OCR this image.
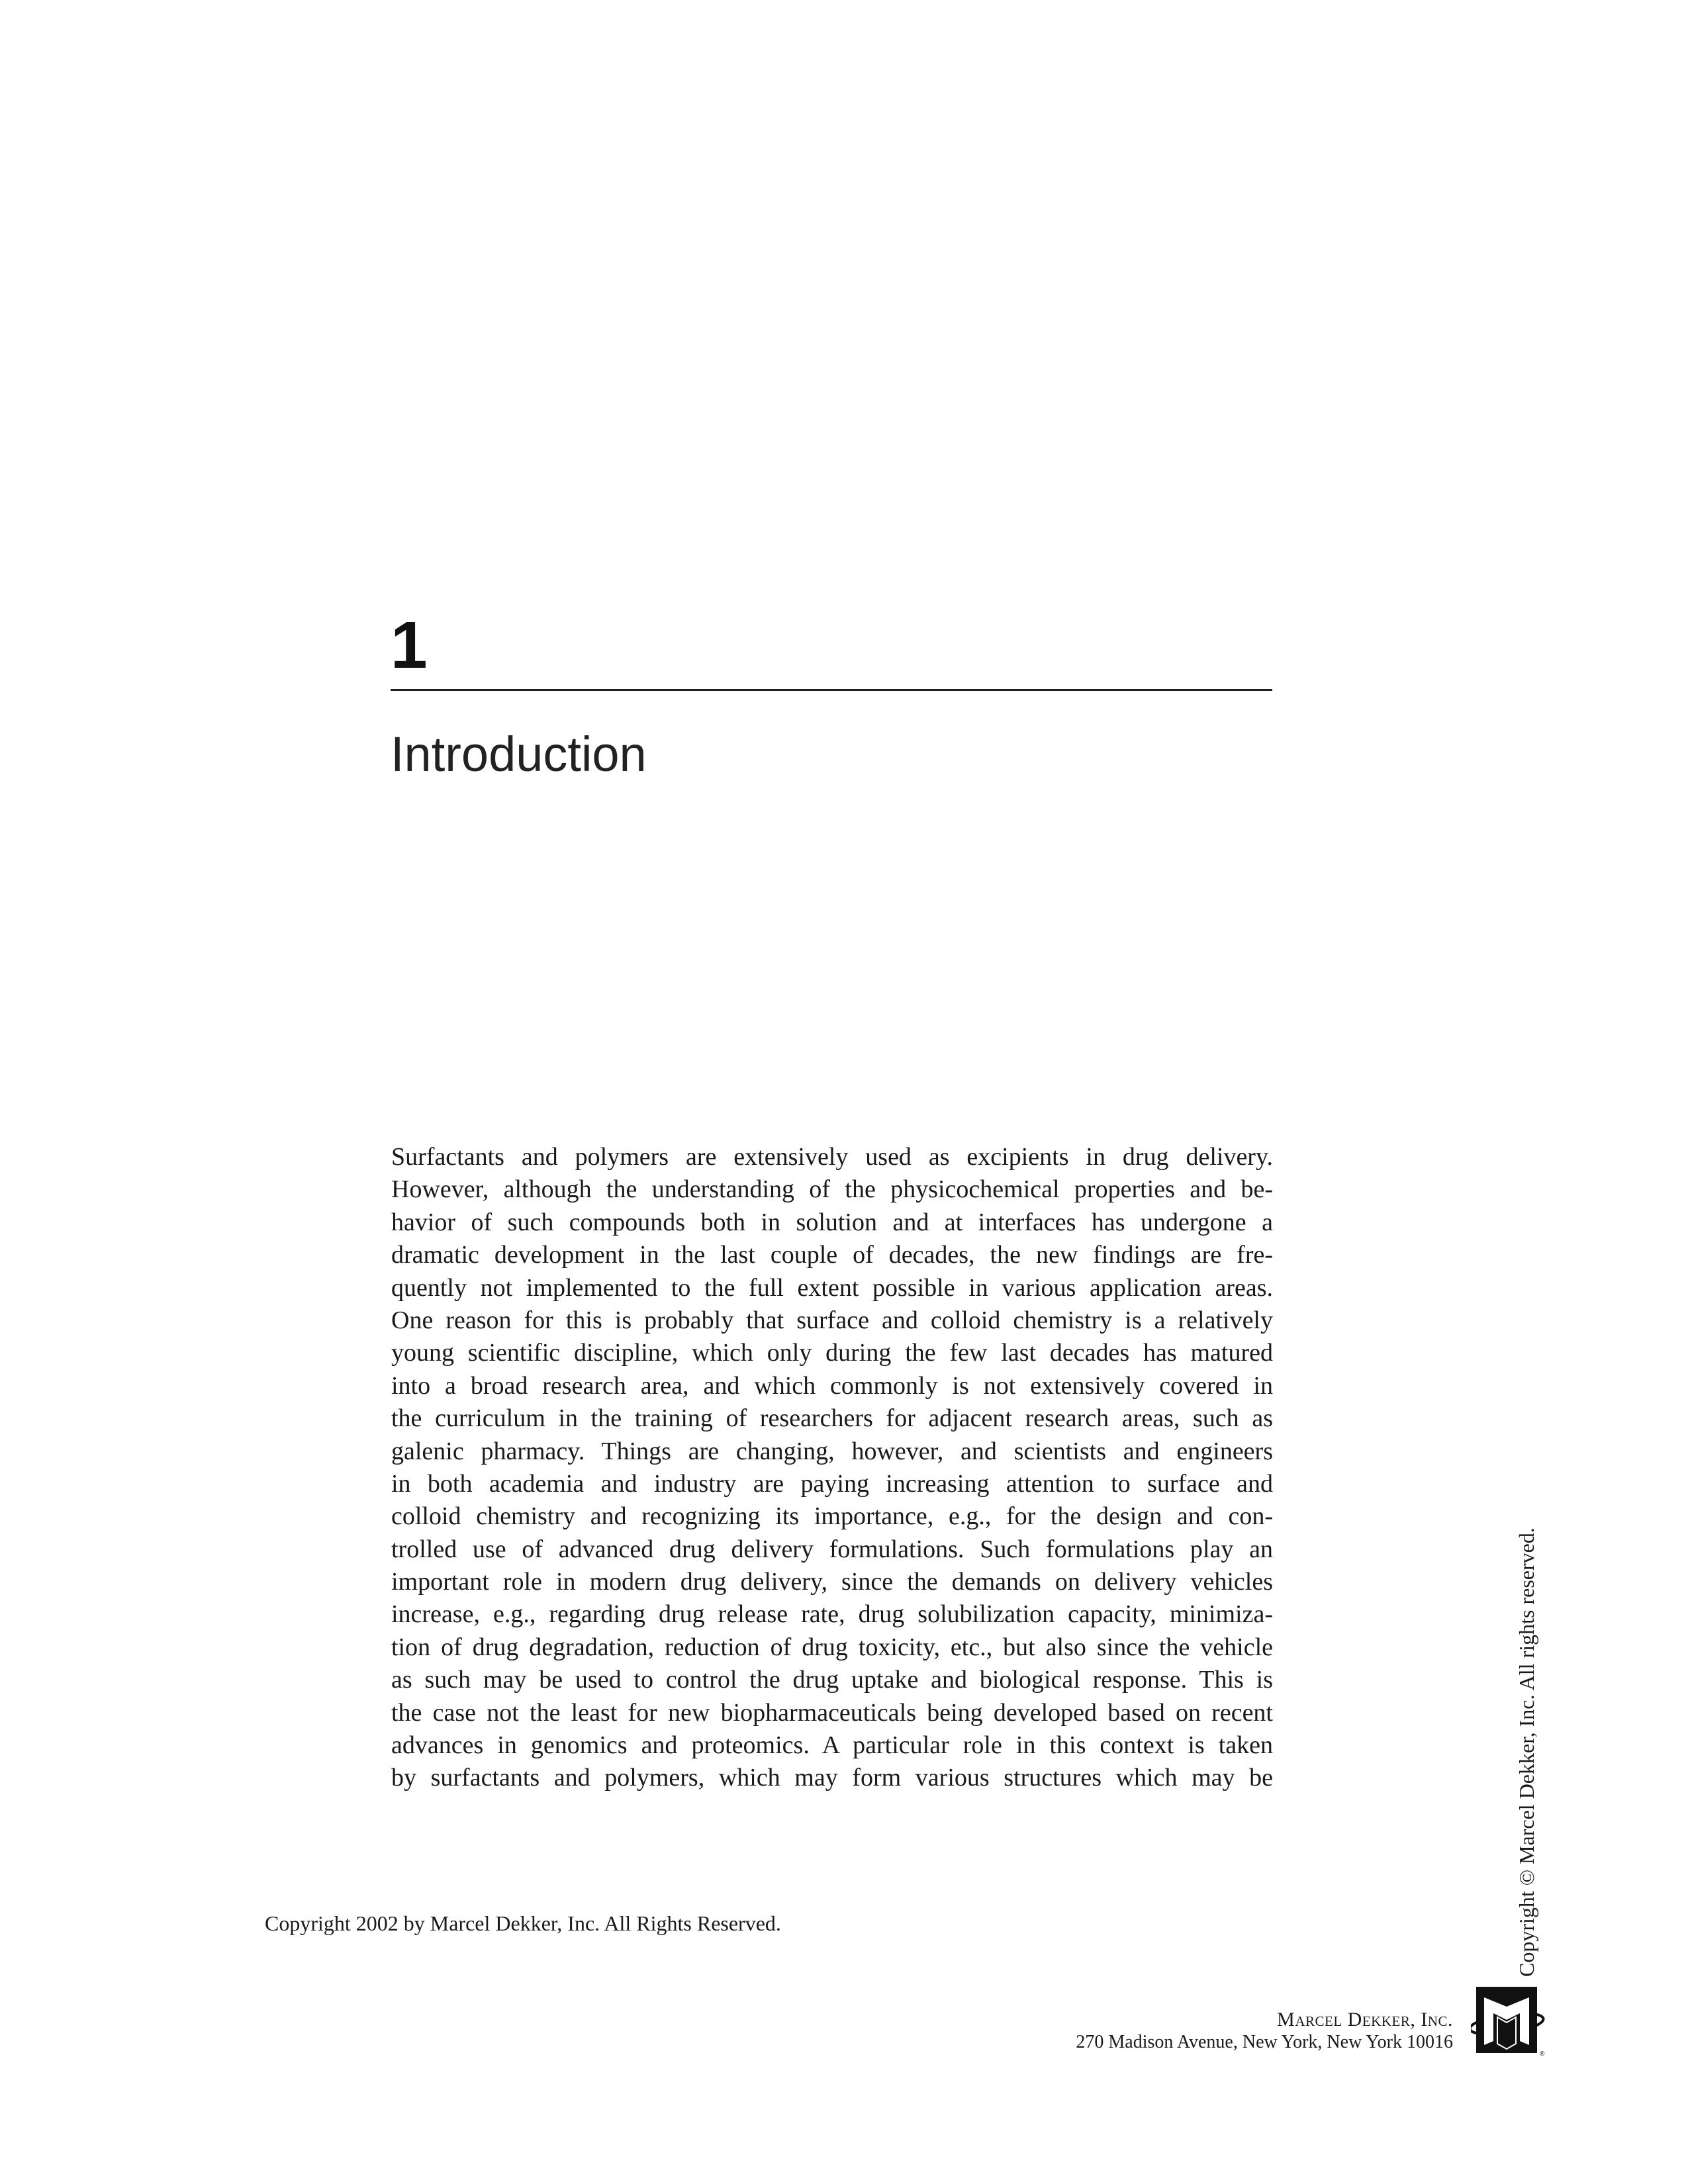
1
Introduction
Surfactants and polymers are extensively used as excipients in drug delivery.
However, although the understanding of the physicochemical properties and be-
havior of such compounds both in solution and at interfaces has undergone a
dramatic development in the last couple of decades, the new findings are fre-
quently not implemented to the full extent possible in various application areas.
One reason for this is probably that surface and colloid chemistry is a relatively
young scientific discipline, which only during the few last decades has matured
into a broad research area, and which commonly is not extensively covered in
the curriculum in the training of researchers for adjacent research areas, such as
galenic pharmacy. Things are changing, however, and scientists and engineers
in both academia and industry are paying increasing attention to surface and
colloid chemistry and recognizing its importance, e.g., for the design and con-
trolled use of advanced drug delivery formulations. Such formulations play an
important role in modern drug delivery, since the demands on delivery vehicles
increase, e.g., regarding drug release rate, drug solubilization capacity, minimiza-
tion of drug degradation, reduction of drug toxicity, etc., but also since the vehicle
as such may be used to control the drug uptake and biological response. This is
the case not the least for new biopharmaceuticals being developed based on recent
advances in genomics and proteomics. A particular role in this context is taken
by surfactants and polymers, which may form various structures which may be
Copyright 2002 by Marcel Dekker, Inc. All Rights Reserved.	Copyright © Marcel Dekker, Inc. All rights reserved.
Marcel Dekker, Inc.
270 Madison Avenue, New York, New York 10016
®
